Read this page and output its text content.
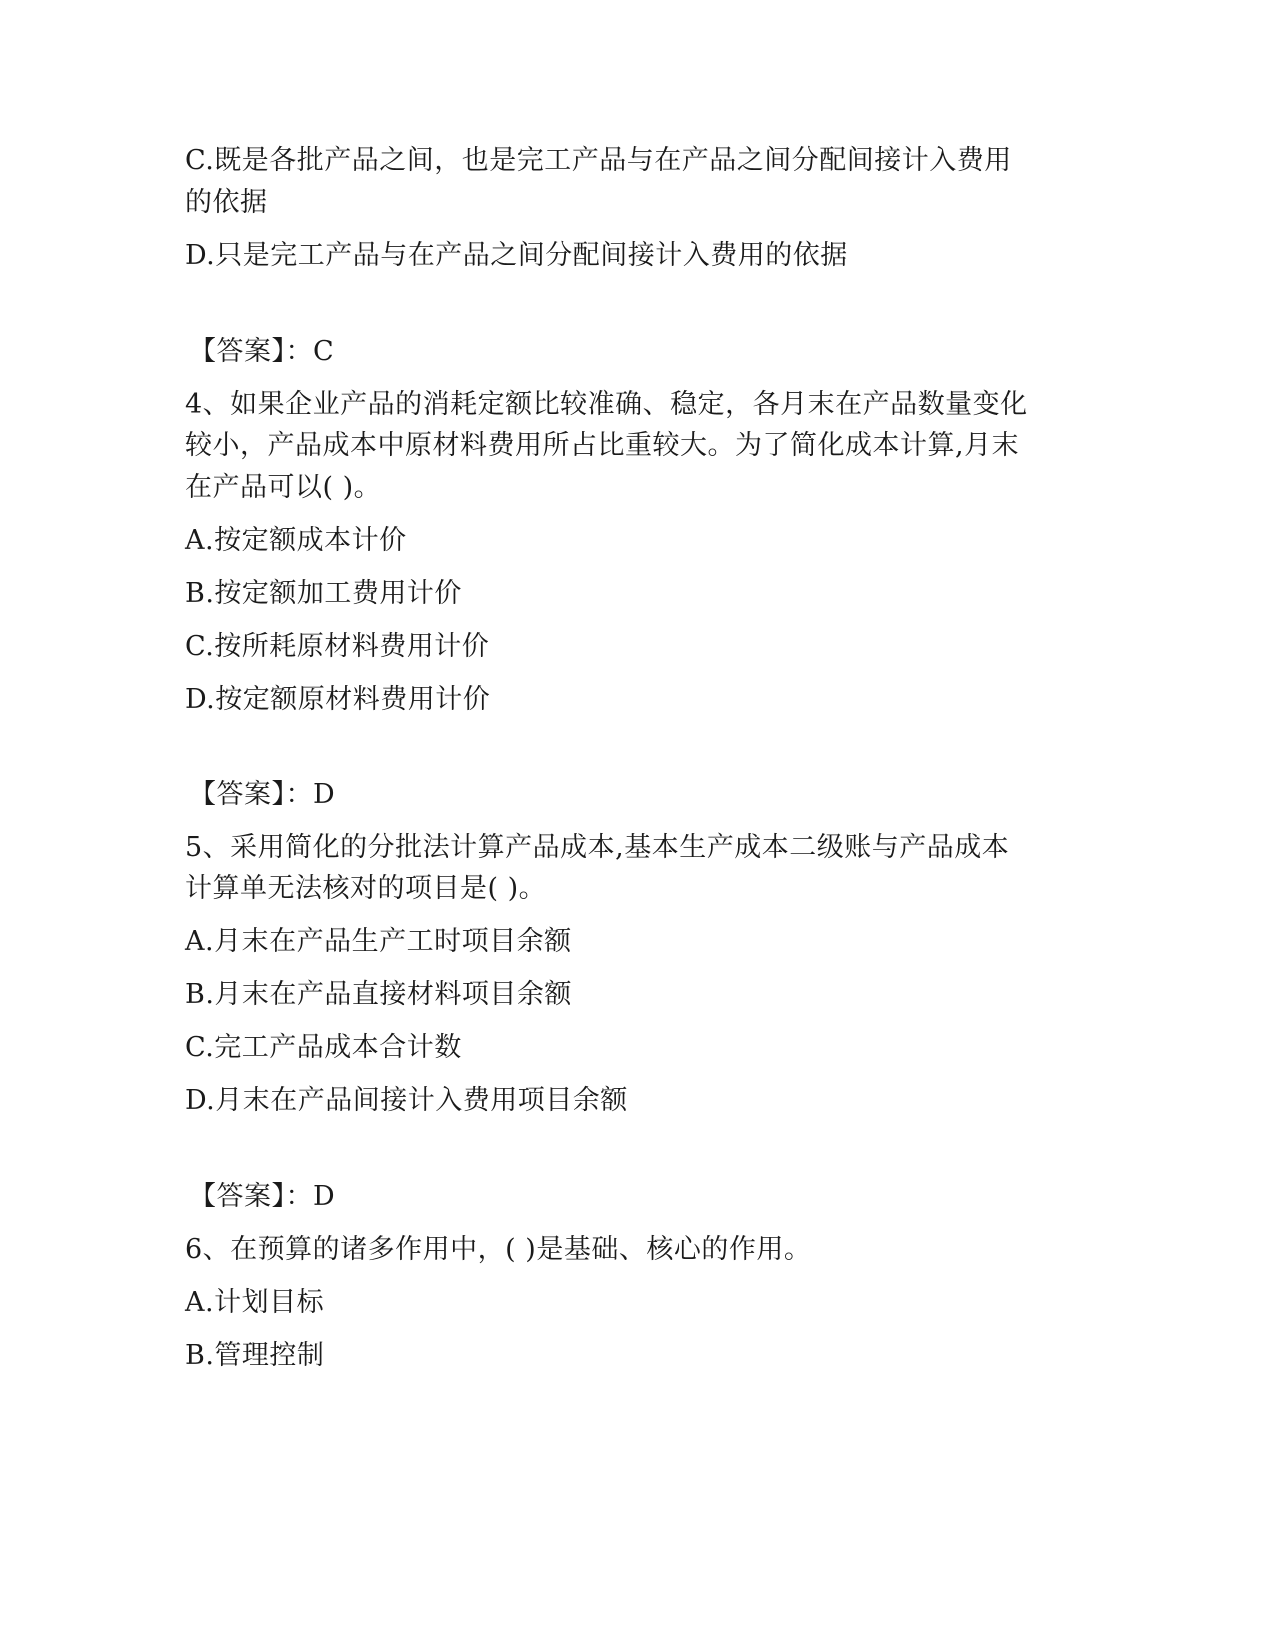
C.既是各批产品之间，也是完工产品与在产品之间分配间接计入费用
的依据
D.只是完工产品与在产品之间分配间接计入费用的依据
【答案】：C
4、如果企业产品的消耗定额比较准确、稳定，各月末在产品数量变化
较小，产品成本中原材料费用所占比重较大。为了简化成本计算,月末
在产品可以( )。
A.按定额成本计价
B.按定额加工费用计价
C.按所耗原材料费用计价
D.按定额原材料费用计价
【答案】：D
5、采用简化的分批法计算产品成本,基本生产成本二级账与产品成本
计算单无法核对的项目是( )。
A.月末在产品生产工时项目余额
B.月末在产品直接材料项目余额
C.完工产品成本合计数
D.月末在产品间接计入费用项目余额
【答案】：D
6、在预算的诸多作用中，( )是基础、核心的作用。
A.计划目标
B.管理控制
